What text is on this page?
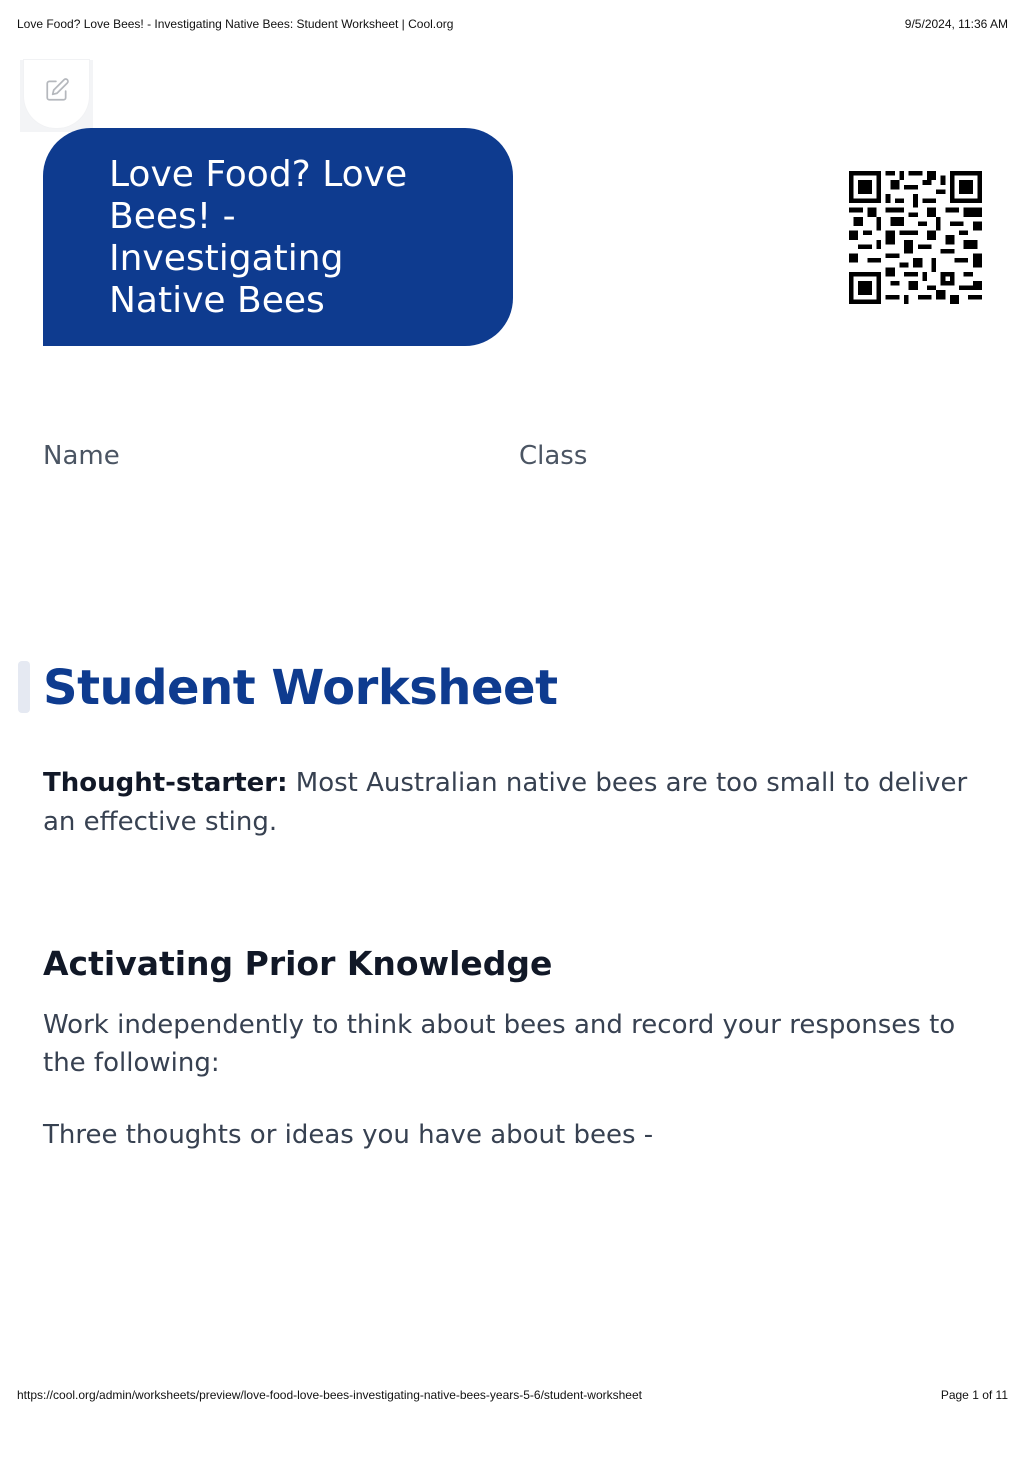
Love Food? Love Bees! - Investigating Native Bees: Student Worksheet | Cool.org	9/5/2024, 11:36 AM
Love Food? Love Bees! - Investigating Native Bees
Name	Class
Student Worksheet

Thought-starter: Most Australian native bees are too small to deliver an effective sting.

Activating Prior Knowledge

Work independently to think about bees and record your responses to the following:

Three thoughts or ideas you have about bees -

https://cool.org/admin/worksheets/preview/love-food-love-bees-investigating-native-bees-years-5-6/student-worksheet	Page 1 of 11
